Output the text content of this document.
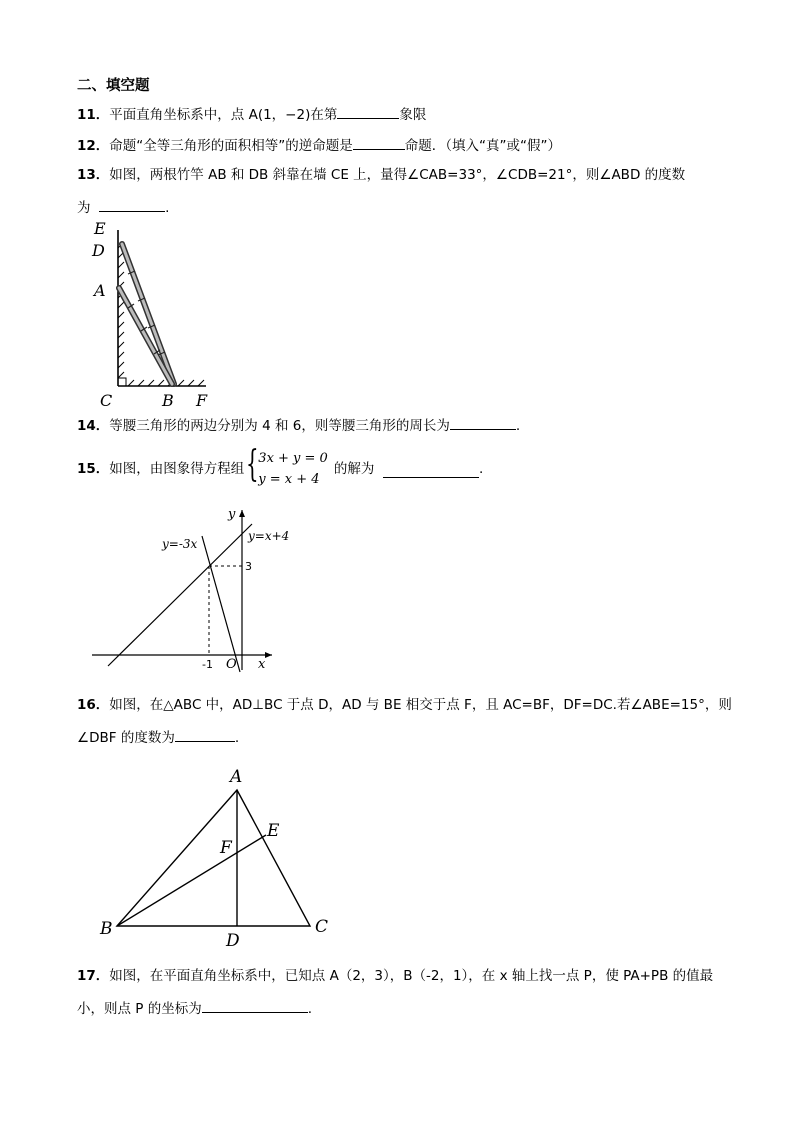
二、填空题
11．平面直角坐标系中，点 A(1，−2)在第	象限
12．命题“全等三角形的面积相等”的逆命题是	命题．（填入“真”或“假”）
13．如图，两根竹竿 AB 和 DB 斜靠在墙 CE 上，量得∠CAB=33°，∠CDB=21°，则∠ABD 的度数
为	.
E
D
A
C	B F
14．等腰三角形的两边分别为 4 和 6，则等腰三角形的周长为	.
15． 如图，由图象得方程组 { 3x + y = 0
y = x + 4
的解为
	.
y
x
O
y=-3x
y=x+4
3
-1
16．如图，在△ABC 中，AD⊥BC 于点 D，AD 与 BE 相交于点 F，且 AC=BF，DF=DC.若∠ABE=15°，则
∠DBF 的度数为	.
A
E
F
B
D
C
17．如图，在平面直角坐标系中，已知点 A（2，3），B（-2，1），在 x 轴上找一点 P，使 PA+PB 的值最
小，则点 P 的坐标为	.
